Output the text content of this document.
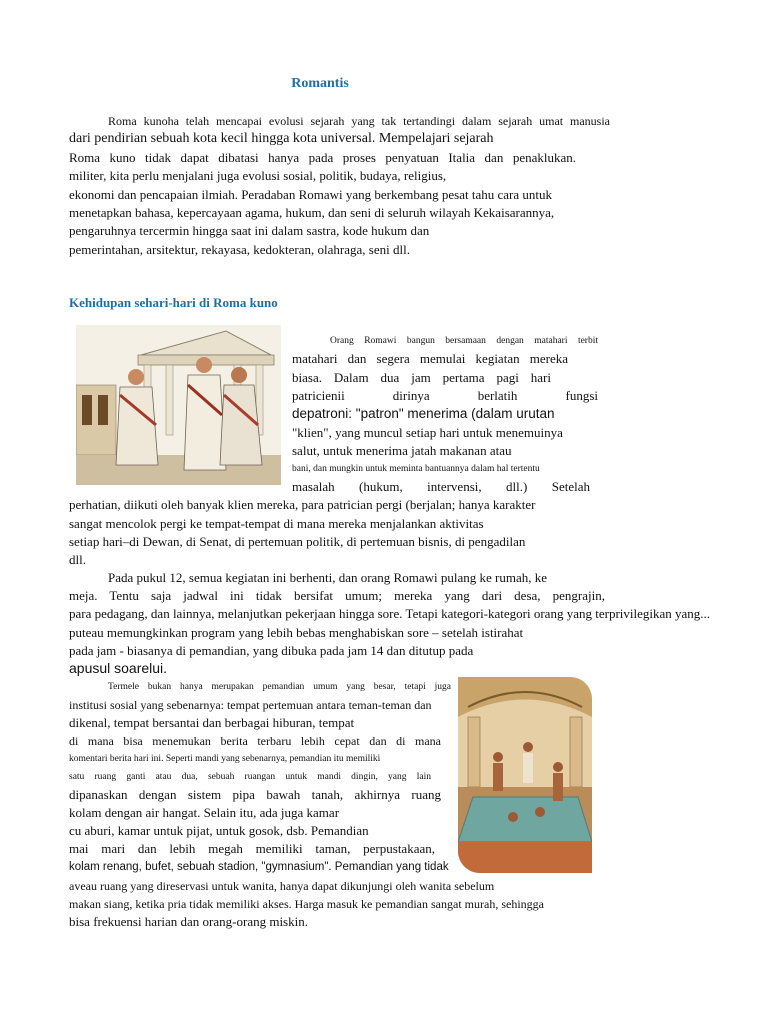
Romantis
Roma kunoha telah mencapai evolusi sejarah yang tak tertandingi dalam sejarah umat manusia
dari pendirian sebuah kota kecil hingga kota universal. Mempelajari sejarah
Roma kuno tidak dapat dibatasi hanya pada proses penyatuan Italia dan penaklukan.
militer, kita perlu menjalani juga evolusi sosial, politik, budaya, religius,
ekonomi dan pencapaian ilmiah. Peradaban Romawi yang berkembang pesat tahu cara untuk
menetapkan bahasa, kepercayaan agama, hukum, dan seni di seluruh wilayah Kekaisarannya,
pengaruhnya tercermin hingga saat ini dalam sastra, kode hukum dan
pemerintahan, arsitektur, rekayasa, kedokteran, olahraga, seni dll.
Kehidupan sehari-hari di Roma kuno
Orang Romawi bangun bersamaan dengan matahari terbit
matahari dan segera memulai kegiatan mereka
biasa. Dalam dua jam pertama pagi hari
patricienii dirinya berlatih fungsi
depatroni: "patron" menerima (dalam urutan
"klien", yang muncul setiap hari untuk menemuinya
salut, untuk menerima jatah makanan atau
bani, dan mungkin untuk meminta bantuannya dalam hal tertentu
masalah (hukum, intervensi, dll.) Setelah
perhatian, diikuti oleh banyak klien mereka, para patrician pergi (berjalan; hanya karakter
sangat mencolok pergi ke tempat-tempat di mana mereka menjalankan aktivitas
setiap hari–di Dewan, di Senat, di pertemuan politik, di pertemuan bisnis, di pengadilan
dll.
Pada pukul 12, semua kegiatan ini berhenti, dan orang Romawi pulang ke rumah, ke
meja. Tentu saja jadwal ini tidak bersifat umum; mereka yang dari desa, pengrajin,
para pedagang, dan lainnya, melanjutkan pekerjaan hingga sore. Tetapi kategori-kategori orang yang terprivilegikan yang...
puteau memungkinkan program yang lebih bebas menghabiskan sore – setelah istirahat
pada jam - biasanya di pemandian, yang dibuka pada jam 14 dan ditutup pada
apusul soarelui.
Termele bukan hanya merupakan pemandian umum yang besar, tetapi juga
institusi sosial yang sebenarnya: tempat pertemuan antara teman-teman dan
dikenal, tempat bersantai dan berbagai hiburan, tempat
di mana bisa menemukan berita terbaru lebih cepat dan di mana
komentari berita hari ini. Seperti mandi yang sebenarnya, pemandian itu memiliki
satu ruang ganti atau dua, sebuah ruangan untuk mandi dingin, yang lain
dipanaskan dengan sistem pipa bawah tanah, akhirnya ruang
kolam dengan air hangat. Selain itu, ada juga kamar
cu aburi, kamar untuk pijat, untuk gosok, dsb. Pemandian
mai mari dan lebih megah memiliki taman, perpustakaan,
kolam renang, bufet, sebuah stadion, "gymnasium". Pemandian yang tidak
aveau ruang yang direservasi untuk wanita, hanya dapat dikunjungi oleh wanita sebelum
makan siang, ketika pria tidak memiliki akses. Harga masuk ke pemandian sangat murah, sehingga
bisa frekuensi harian dan orang-orang miskin.
